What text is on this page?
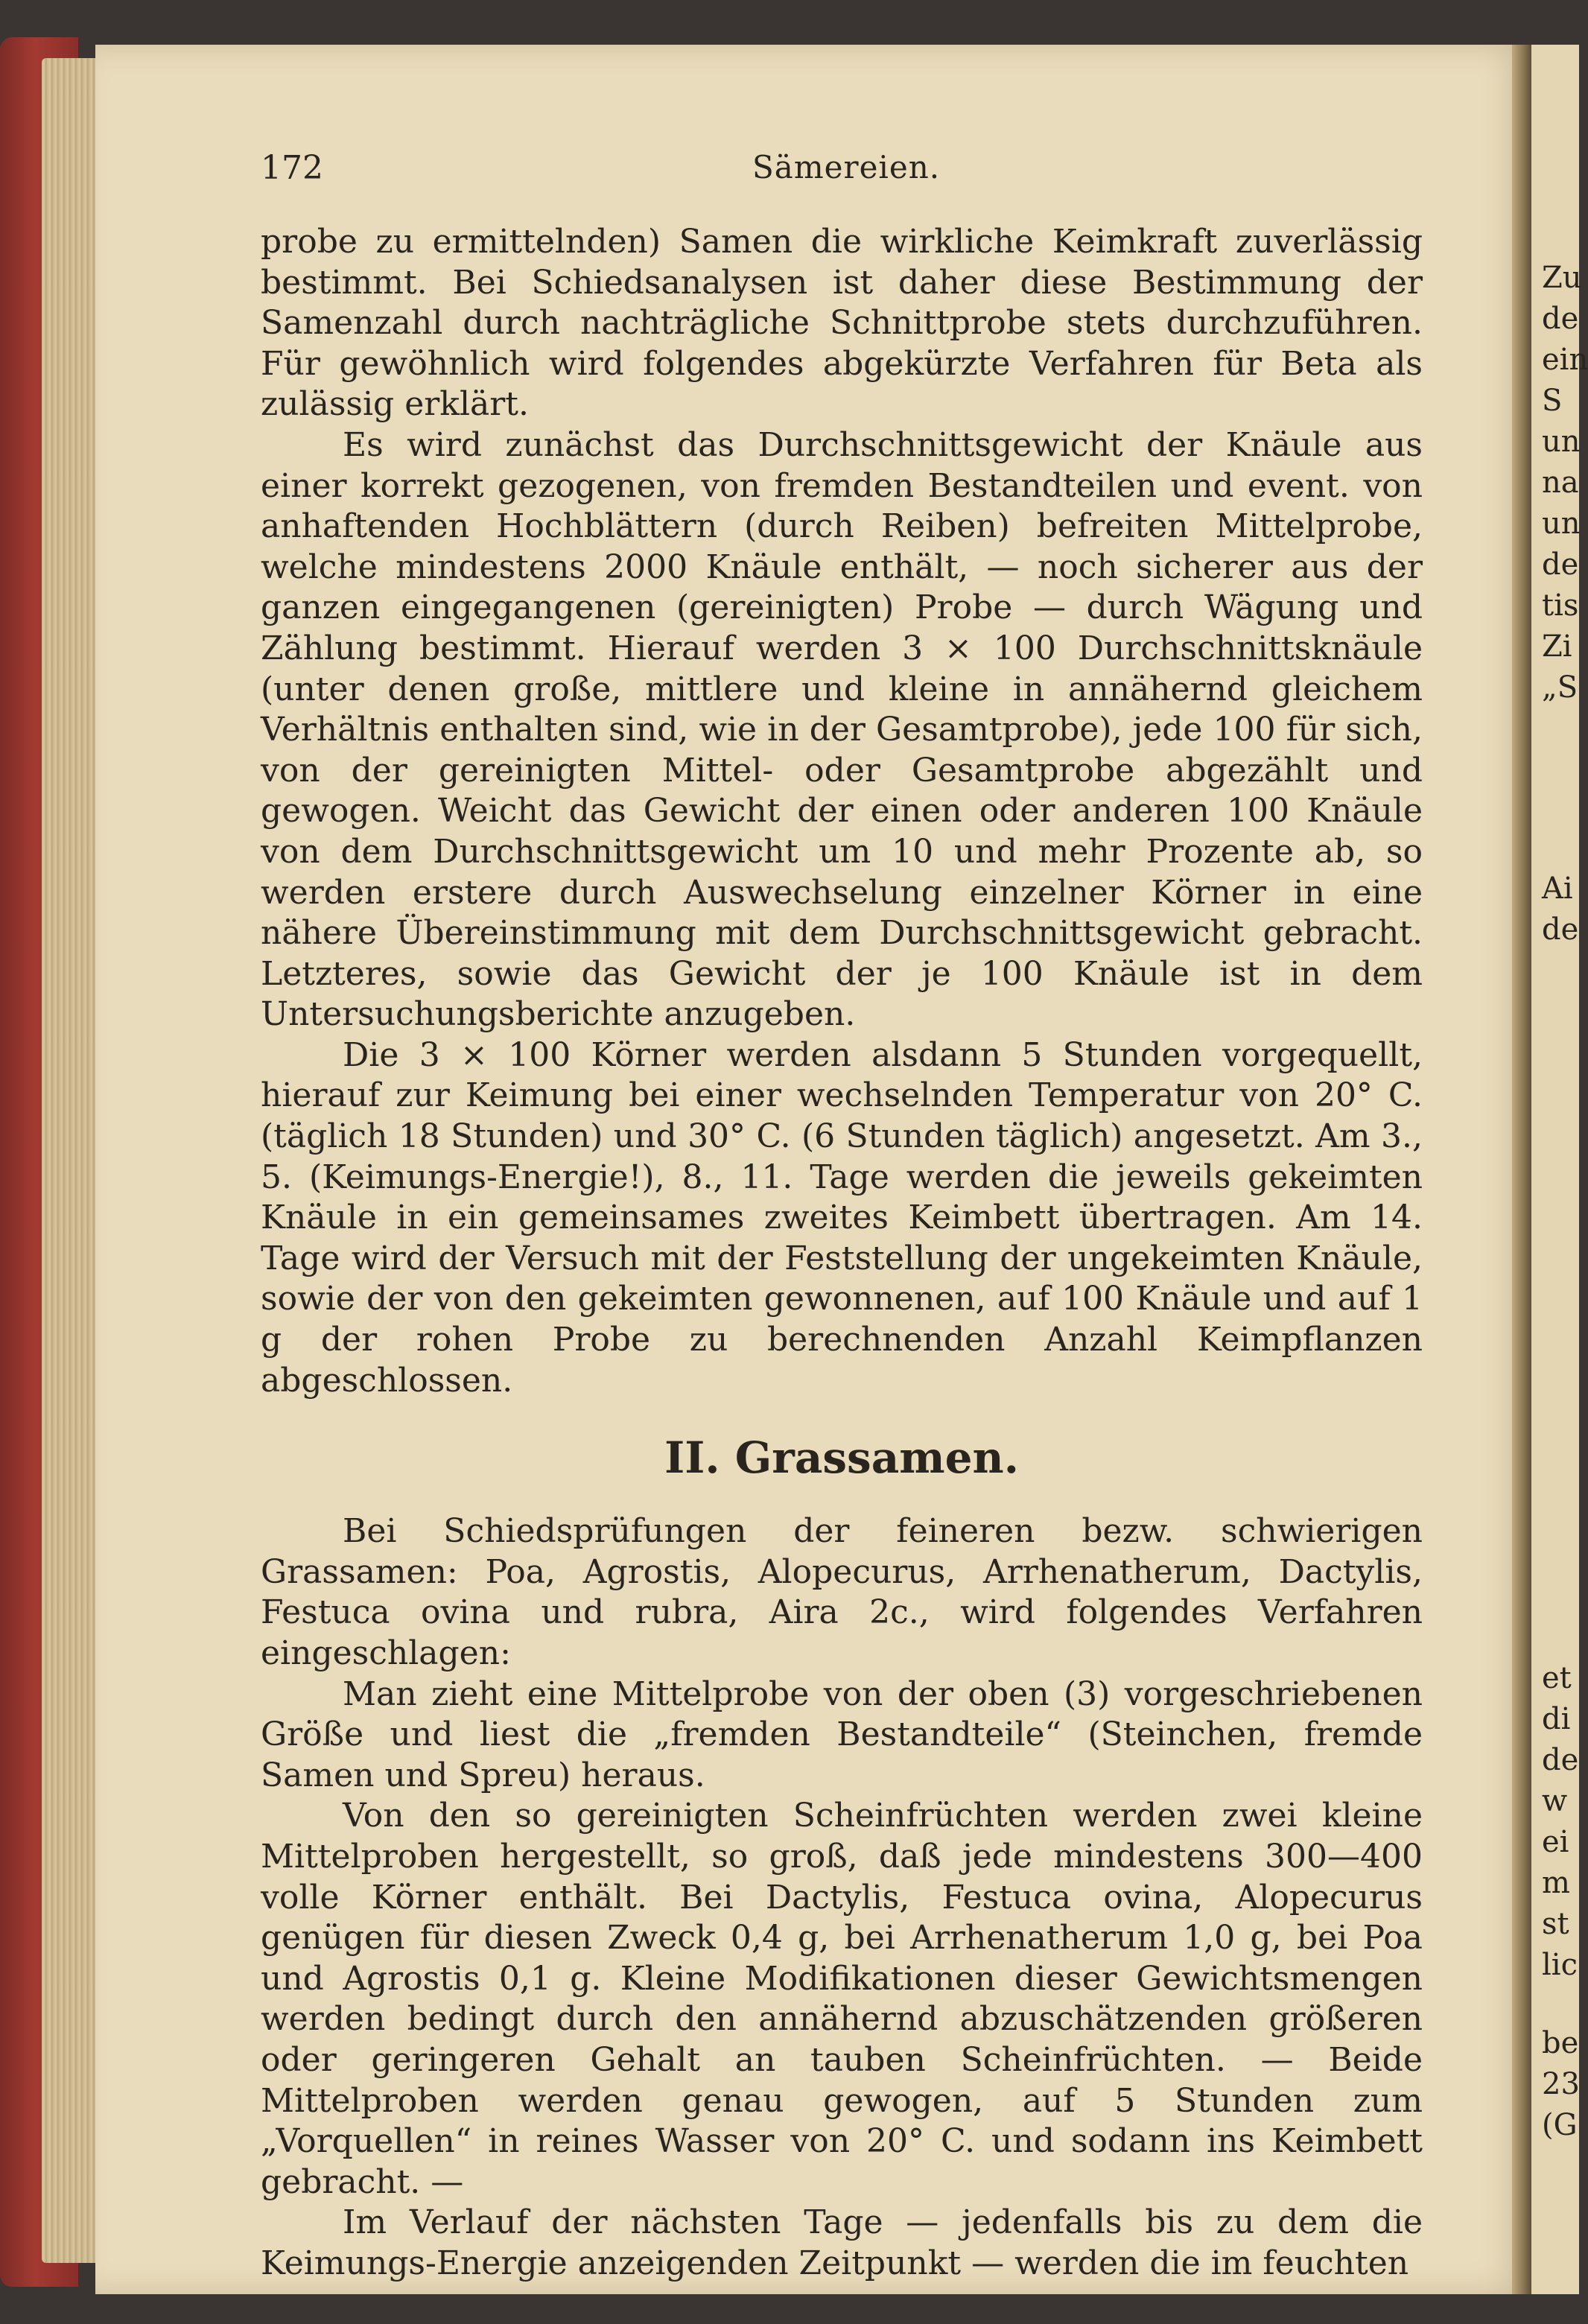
Zu
de
ein
S
un
na
un
de
tis
Zi
„S
Ai
de
et
di
de
w
ei
m
st
lic
be
23
(G
172	Sämereien.

probe zu ermittelnden) Samen die wirkliche Keimkraft zuverlässig bestimmt. Bei Schiedsanalysen ist daher diese Bestimmung der Samenzahl durch nachträgliche Schnittprobe stets durchzuführen. Für gewöhnlich wird folgendes abgekürzte Verfahren für Beta als zulässig erklärt.

Es wird zunächst das Durchschnittsgewicht der Knäule aus einer korrekt gezogenen, von fremden Bestandteilen und event. von anhaftenden Hochblättern (durch Reiben) befreiten Mittelprobe, welche mindestens 2000 Knäule enthält, — noch sicherer aus der ganzen eingegangenen (gereinigten) Probe — durch Wägung und Zählung bestimmt. Hierauf werden 3 × 100 Durchschnittsknäule (unter denen große, mittlere und kleine in annähernd gleichem Verhältnis enthalten sind, wie in der Gesamtprobe), jede 100 für sich, von der gereinigten Mittel- oder Gesamtprobe abgezählt und gewogen. Weicht das Gewicht der einen oder anderen 100 Knäule von dem Durchschnittsgewicht um 10 und mehr Prozente ab, so werden erstere durch Auswechselung einzelner Körner in eine nähere Übereinstimmung mit dem Durchschnittsgewicht gebracht. Letzteres, sowie das Gewicht der je 100 Knäule ist in dem Untersuchungsberichte anzugeben.

Die 3 × 100 Körner werden alsdann 5 Stunden vorgequellt, hierauf zur Keimung bei einer wechselnden Temperatur von 20° C. (täglich 18 Stunden) und 30° C. (6 Stunden täglich) angesetzt. Am 3., 5. (Keimungs-Energie!), 8., 11. Tage werden die jeweils gekeimten Knäule in ein gemeinsames zweites Keimbett übertragen. Am 14. Tage wird der Versuch mit der Feststellung der ungekeimten Knäule, sowie der von den gekeimten gewonnenen, auf 100 Knäule und auf 1 g der rohen Probe zu berechnenden Anzahl Keimpflanzen abgeschlossen.

II. Grassamen.

Bei Schiedsprüfungen der feineren bezw. schwierigen Grassamen: Poa, Agrostis, Alopecurus, Arrhenatherum, Dactylis, Festuca ovina und rubra, Aira 2c., wird folgendes Verfahren eingeschlagen:

Man zieht eine Mittelprobe von der oben (3) vorgeschriebenen Größe und liest die „fremden Bestandteile“ (Steinchen, fremde Samen und Spreu) heraus.

Von den so gereinigten Scheinfrüchten werden zwei kleine Mittelproben hergestellt, so groß, daß jede mindestens 300—400 volle Körner enthält. Bei Dactylis, Festuca ovina, Alopecurus genügen für diesen Zweck 0,4 g, bei Arrhenatherum 1,0 g, bei Poa und Agrostis 0,1 g. Kleine Modifikationen dieser Gewichtsmengen werden bedingt durch den annähernd abzuschätzenden größeren oder geringeren Gehalt an tauben Scheinfrüchten. — Beide Mittelproben werden genau gewogen, auf 5 Stunden zum „Vorquellen“ in reines Wasser von 20° C. und sodann ins Keimbett gebracht. —

Im Verlauf der nächsten Tage — jedenfalls bis zu dem die Keimungs-Energie anzeigenden Zeitpunkt — werden die im feuchten
